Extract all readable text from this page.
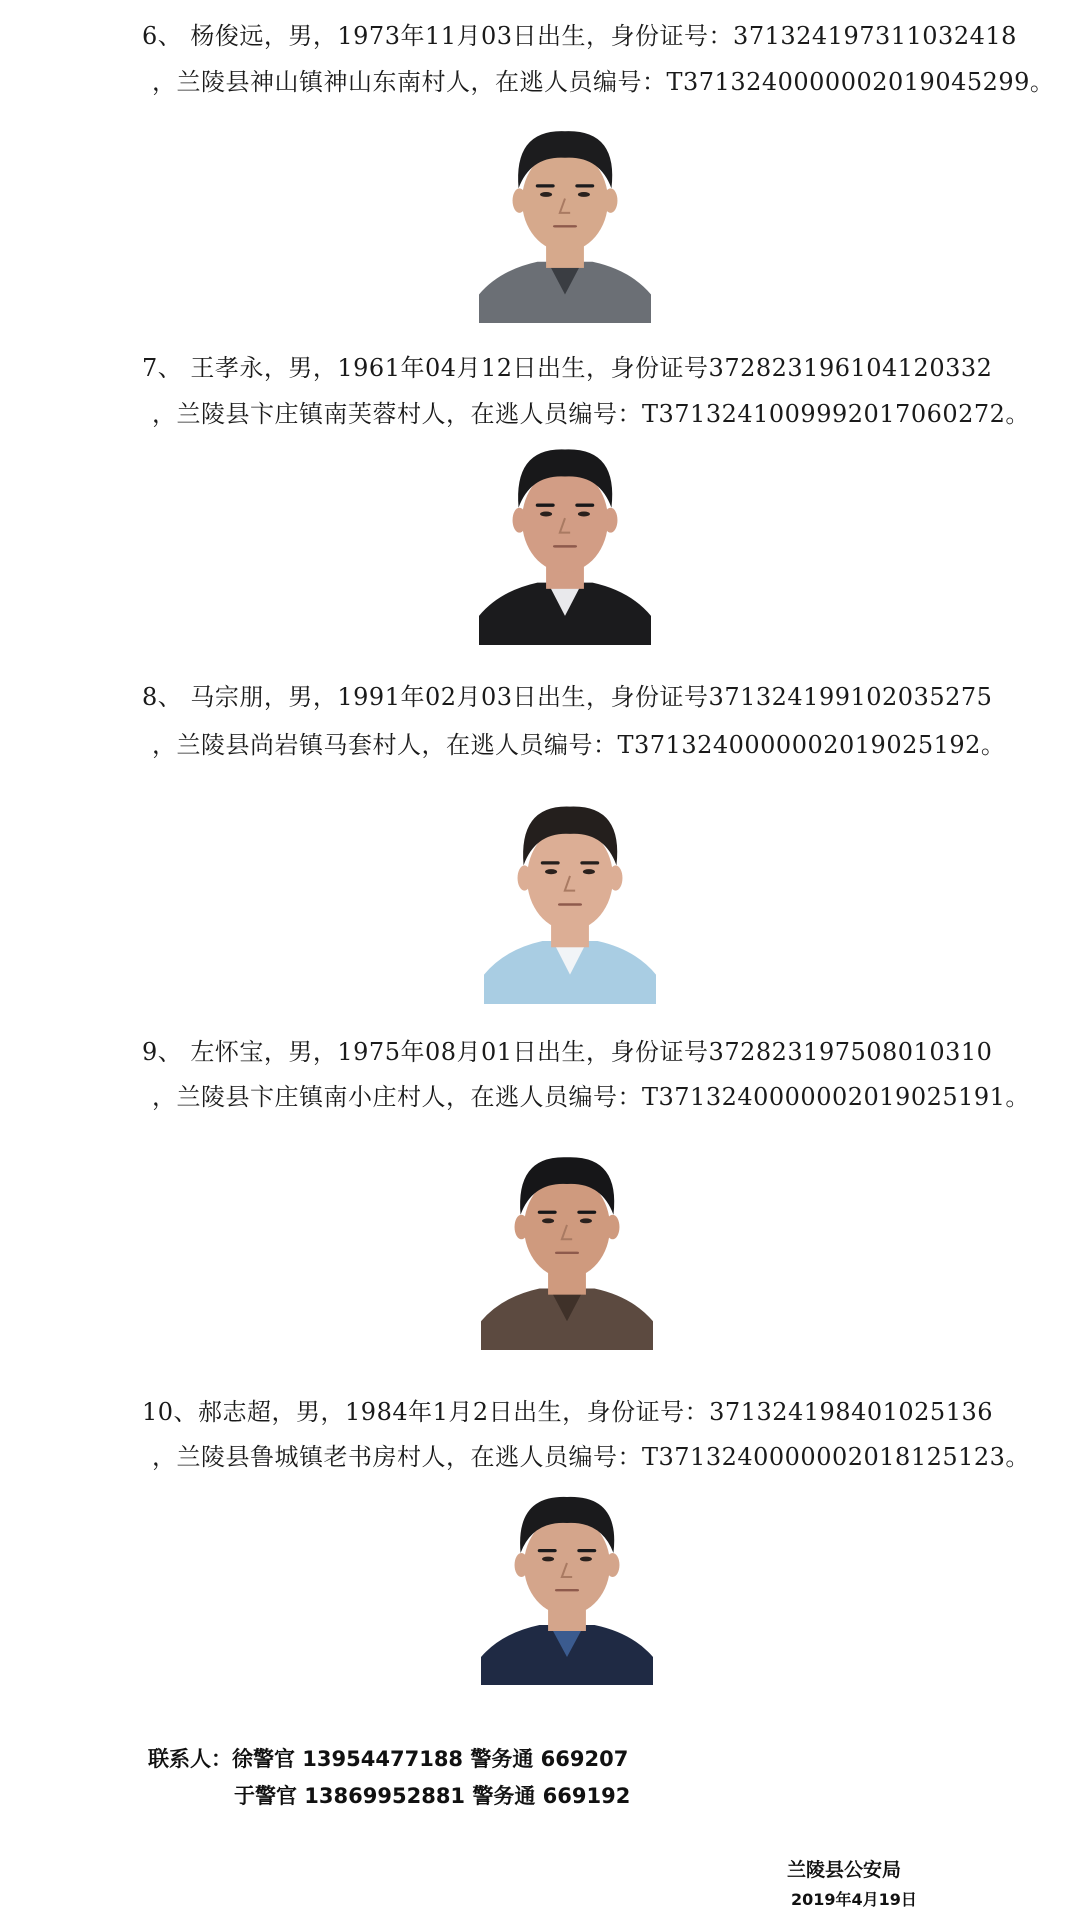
6、 杨俊远，男，1973年11月03日出生，身份证号：371324197311032418
，兰陵县神山镇神山东南村人，在逃人员编号：T3713240000002019045299。
7、 王孝永，男，1961年04月12日出生，身份证号372823196104120332
，兰陵县卞庄镇南芙蓉村人，在逃人员编号：T3713241009992017060272。
8、 马宗朋，男，1991年02月03日出生，身份证号371324199102035275
，兰陵县尚岩镇马套村人，在逃人员编号：T3713240000002019025192。
9、 左怀宝，男，1975年08月01日出生，身份证号372823197508010310
，兰陵县卞庄镇南小庄村人，在逃人员编号：T3713240000002019025191。
10、郝志超，男，1984年1月2日出生，身份证号：371324198401025136
，兰陵县鲁城镇老书房村人，在逃人员编号：T3713240000002018125123。
联系人：徐警官 13954477188 警务通 669207
于警官 13869952881 警务通 669192
兰陵县公安局
2019年4月19日
